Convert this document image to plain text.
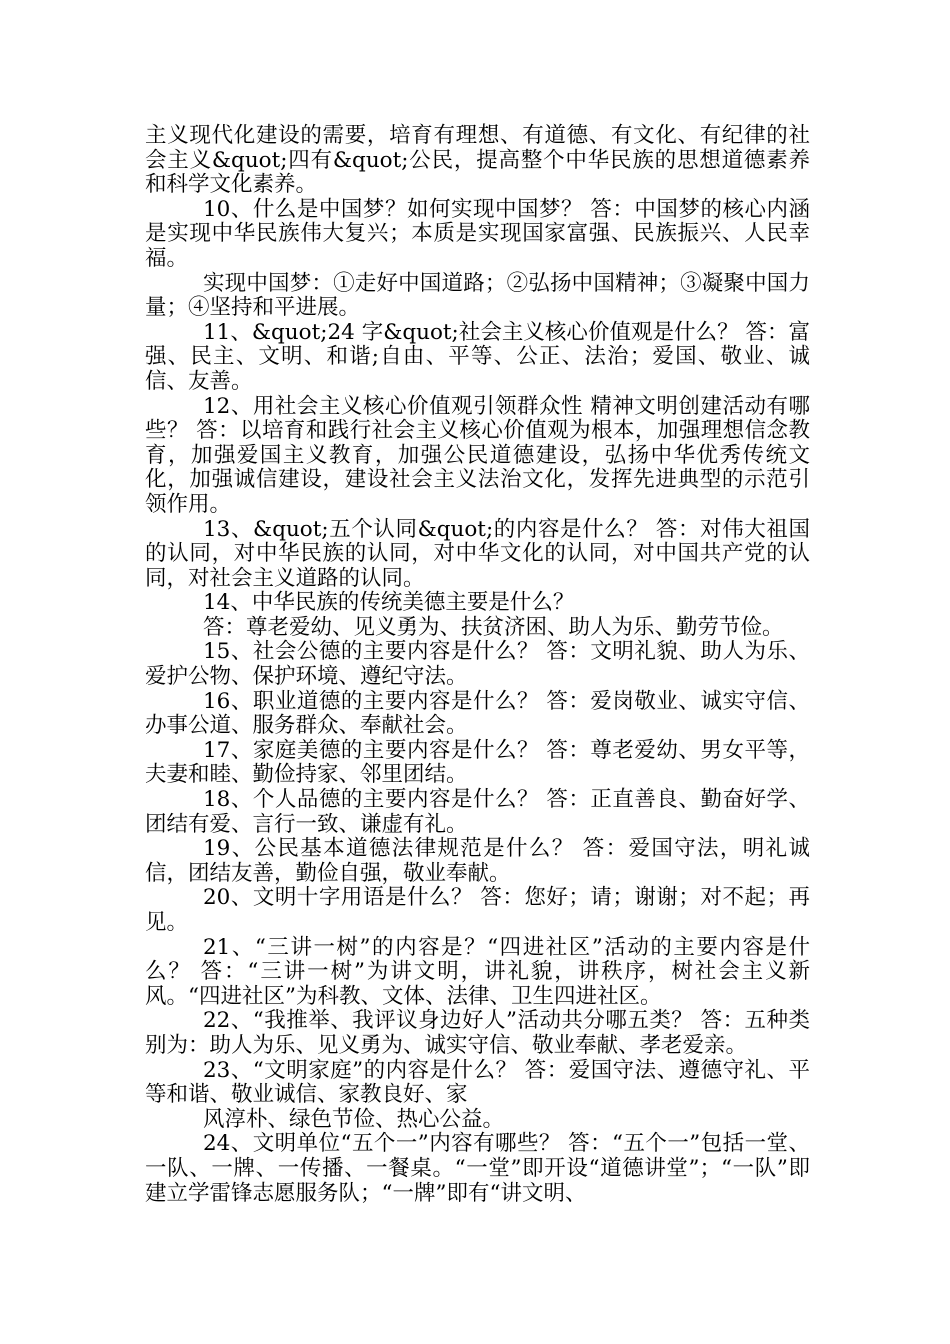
主义现代化建设的需要，培育有理想、有道德、有文化、有纪律的社会主义&quot;四有&quot;公民，提高整个中华民族的思想道德素养和科学文化素养。

10、什么是中国梦？如何实现中国梦？ 答：中国梦的核心内涵是实现中华民族伟大复兴；本质是实现国家富强、民族振兴、人民幸福。

实现中国梦：①走好中国道路；②弘扬中国精神；③凝聚中国力量；④坚持和平进展。

11、&quot;24 字&quot;社会主义核心价值观是什么？ 答：富强、民主、文明、和谐;自由、平等、公正、法治；爱国、敬业、诚信、友善。

12、用社会主义核心价值观引领群众性 精神文明创建活动有哪些？ 答：以培育和践行社会主义核心价值观为根本，加强理想信念教育，加强爱国主义教育，加强公民道德建设，弘扬中华优秀传统文化，加强诚信建设，建设社会主义法治文化，发挥先进典型的示范引领作用。

13、&quot;五个认同&quot;的内容是什么？ 答：对伟大祖国的认同，对中华民族的认同，对中华文化的认同，对中国共产党的认同，对社会主义道路的认同。

14、中华民族的传统美德主要是什么？

答：尊老爱幼、见义勇为、扶贫济困、助人为乐、勤劳节俭。

15、社会公德的主要内容是什么？ 答：文明礼貌、助人为乐、爱护公物、保护环境、遵纪守法。

16、职业道德的主要内容是什么？ 答：爱岗敬业、诚实守信、办事公道、服务群众、奉献社会。

17、家庭美德的主要内容是什么？ 答：尊老爱幼、男女平等，夫妻和睦、勤俭持家、邻里团结。

18、个人品德的主要内容是什么？ 答：正直善良、勤奋好学、团结有爱、言行一致、谦虚有礼。

19、公民基本道德法律规范是什么？ 答：爱国守法，明礼诚信，团结友善，勤俭自强，敬业奉献。

20、文明十字用语是什么？ 答：您好；请；谢谢；对不起；再见。

21、“三讲一树”的内容是？“四进社区”活动的主要内容是什么？ 答：“三讲一树”为讲文明，讲礼貌，讲秩序，树社会主义新风。“四进社区”为科教、文体、法律、卫生四进社区。

22、“我推举、我评议身边好人”活动共分哪五类？ 答：五种类别为：助人为乐、见义勇为、诚实守信、敬业奉献、孝老爱亲。

23、“文明家庭”的内容是什么？ 答：爱国守法、遵德守礼、平等和谐、敬业诚信、家教良好、家

风淳朴、绿色节俭、热心公益。

24、文明单位“五个一”内容有哪些？ 答：“五个一”包括一堂、一队、一牌、一传播、一餐桌。“一堂”即开设“道德讲堂”；“一队”即建立学雷锋志愿服务队；“一牌”即有“讲文明、
